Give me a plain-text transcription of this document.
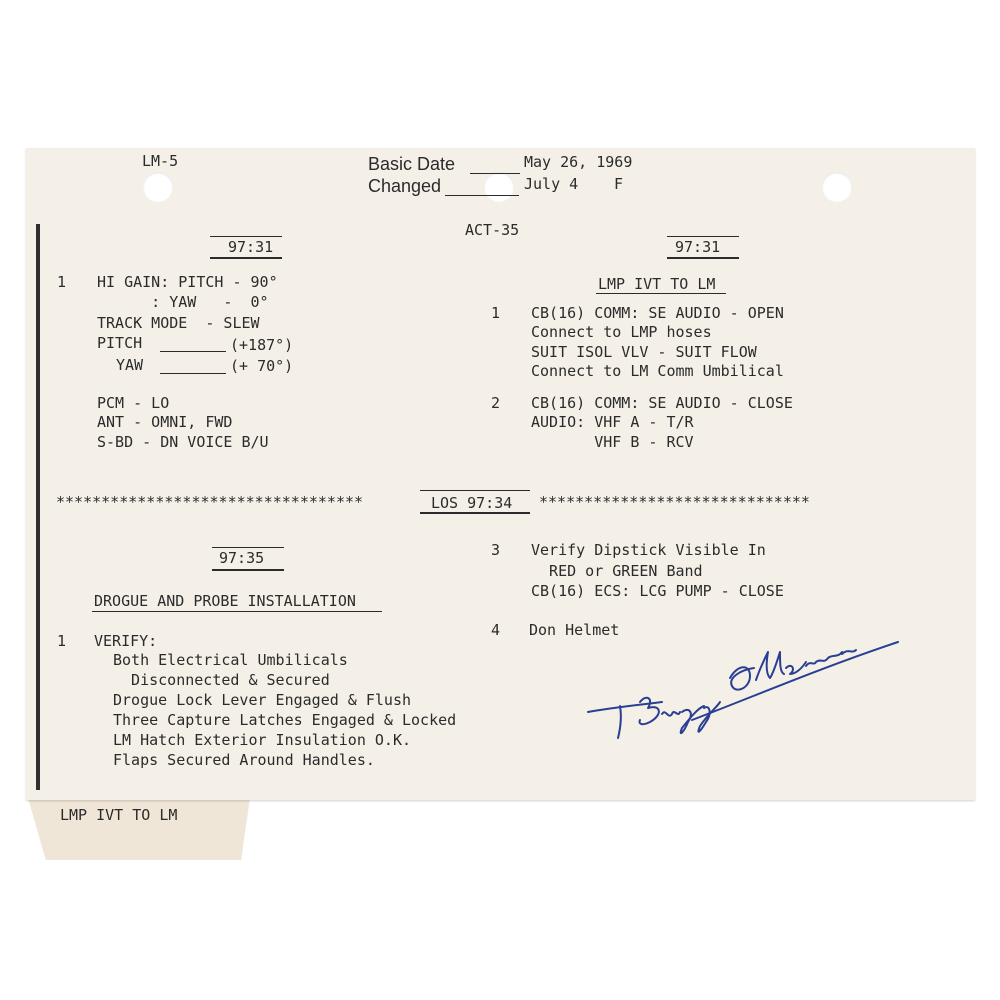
LMP IVT TO LM
LM-5	Basic Date	May 26, 1969
Changed	July 4 F
ACT-35
97:31
1 HI GAIN: PITCH - 90°
: YAW   -  0°
TRACK MODE  - SLEW
PITCH	(+187°)
YAW	(+ 70°)
PCM - LO
ANT - OMNI, FWD
S-BD - DN VOICE B/U
97:31
LMP IVT TO LM
1 CB(16) COMM: SE AUDIO - OPEN
Connect to LMP hoses
SUIT ISOL VLV - SUIT FLOW
Connect to LM Comm Umbilical
2 CB(16) COMM: SE AUDIO - CLOSE
AUDIO: VHF A - T/R
VHF B - RCV
**********************************	LOS 97:34 ******************************
97:35
DROGUE AND PROBE INSTALLATION
1 VERIFY:
Both Electrical Umbilicals
Disconnected & Secured
Drogue Lock Lever Engaged & Flush
Three Capture Latches Engaged & Locked
LM Hatch Exterior Insulation O.K.
Flaps Secured Around Handles.
3 Verify Dipstick Visible In
RED or GREEN Band
CB(16) ECS: LCG PUMP - CLOSE
4 Don Helmet
